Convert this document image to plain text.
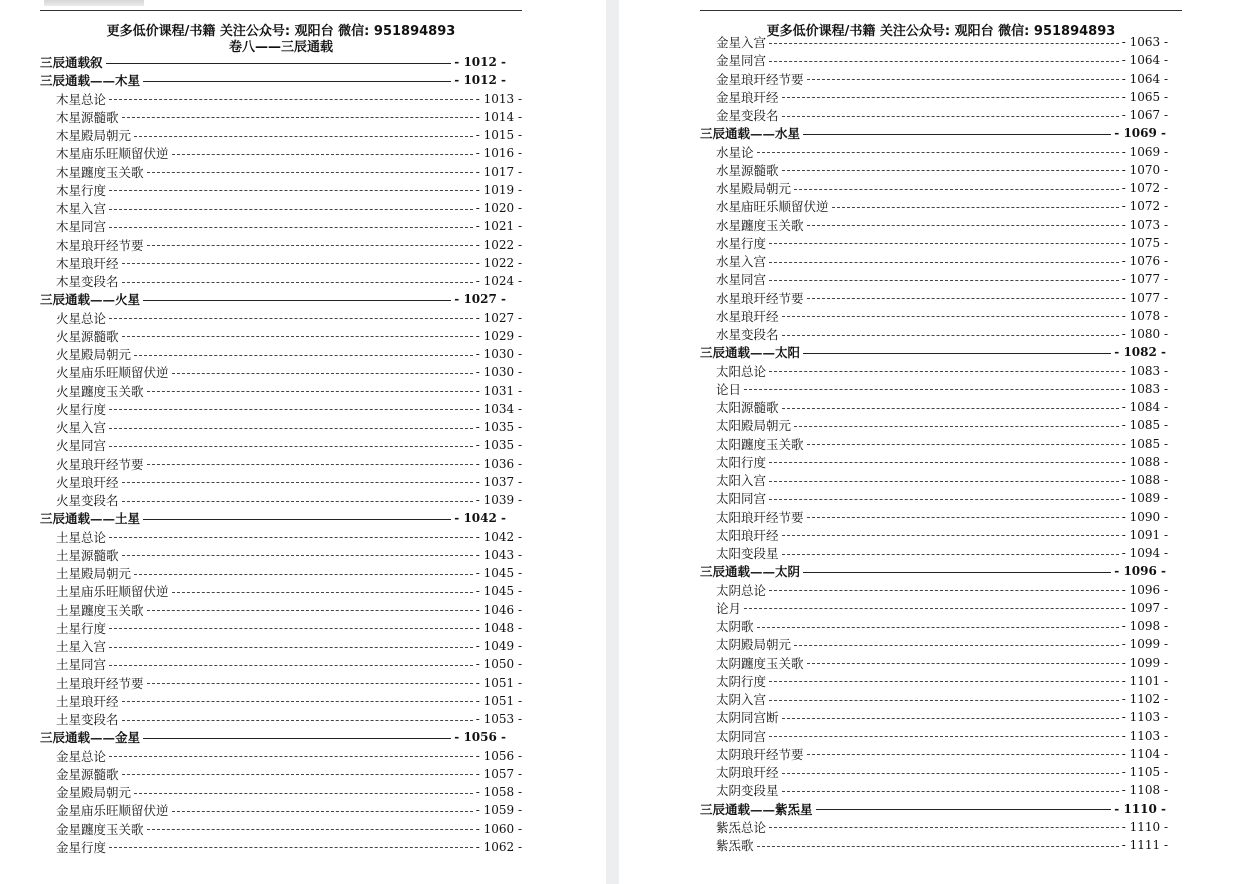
更多低价课程/书籍 关注公众号: 观阳台 微信: 951894893
卷八——三辰通载
三辰通载叙	- 1012 -
三辰通载——木星	- 1012 -
木星总论	- 1013 -
木星源髓歌	- 1014 -
木星殿局朝元	- 1015 -
木星庙乐旺顺留伏逆	- 1016 -
木星躔度玉关歌	- 1017 -
木星行度	- 1019 -
木星入宫	- 1020 -
木星同宫	- 1021 -
木星琅玕经节要	- 1022 -
木星琅玕经	- 1022 -
木星变段名	- 1024 -
三辰通载——火星	- 1027 -
火星总论	- 1027 -
火星源髓歌	- 1029 -
火星殿局朝元	- 1030 -
火星庙乐旺顺留伏逆	- 1030 -
火星躔度玉关歌	- 1031 -
火星行度	- 1034 -
火星入宫	- 1035 -
火星同宫	- 1035 -
火星琅玕经节要	- 1036 -
火星琅玕经	- 1037 -
火星变段名	- 1039 -
三辰通载——土星	- 1042 -
土星总论	- 1042 -
土星源髓歌	- 1043 -
土星殿局朝元	- 1045 -
土星庙乐旺顺留伏逆	- 1045 -
土星躔度玉关歌	- 1046 -
土星行度	- 1048 -
土星入宫	- 1049 -
土星同宫	- 1050 -
土星琅玕经节要	- 1051 -
土星琅玕经	- 1051 -
土星变段名	- 1053 -
三辰通载——金星	- 1056 -
金星总论	- 1056 -
金星源髓歌	- 1057 -
金星殿局朝元	- 1058 -
金星庙乐旺顺留伏逆	- 1059 -
金星躔度玉关歌	- 1060 -
金星行度	- 1062 -
更多低价课程/书籍 关注公众号: 观阳台 微信: 951894893
金星入宫	- 1063 -
金星同宫	- 1064 -
金星琅玕经节要	- 1064 -
金星琅玕经	- 1065 -
金星变段名	- 1067 -
三辰通载——水星	- 1069 -
水星论	- 1069 -
水星源髓歌	- 1070 -
水星殿局朝元	- 1072 -
水星庙旺乐顺留伏逆	- 1072 -
水星躔度玉关歌	- 1073 -
水星行度	- 1075 -
水星入宫	- 1076 -
水星同宫	- 1077 -
水星琅玕经节要	- 1077 -
水星琅玕经	- 1078 -
水星变段名	- 1080 -
三辰通载——太阳	- 1082 -
太阳总论	- 1083 -
论日	- 1083 -
太阳源髓歌	- 1084 -
太阳殿局朝元	- 1085 -
太阳躔度玉关歌	- 1085 -
太阳行度	- 1088 -
太阳入宫	- 1088 -
太阳同宫	- 1089 -
太阳琅玕经节要	- 1090 -
太阳琅玕经	- 1091 -
太阳变段星	- 1094 -
三辰通载——太阴	- 1096 -
太阴总论	- 1096 -
论月	- 1097 -
太阴歌	- 1098 -
太阴殿局朝元	- 1099 -
太阴躔度玉关歌	- 1099 -
太阴行度	- 1101 -
太阴入宫	- 1102 -
太阴同宫断	- 1103 -
太阴同宫	- 1103 -
太阴琅玕经节要	- 1104 -
太阴琅玕经	- 1105 -
太阴变段星	- 1108 -
三辰通载——紫炁星	- 1110 -
紫炁总论	- 1110 -
紫炁歌	- 1111 -
